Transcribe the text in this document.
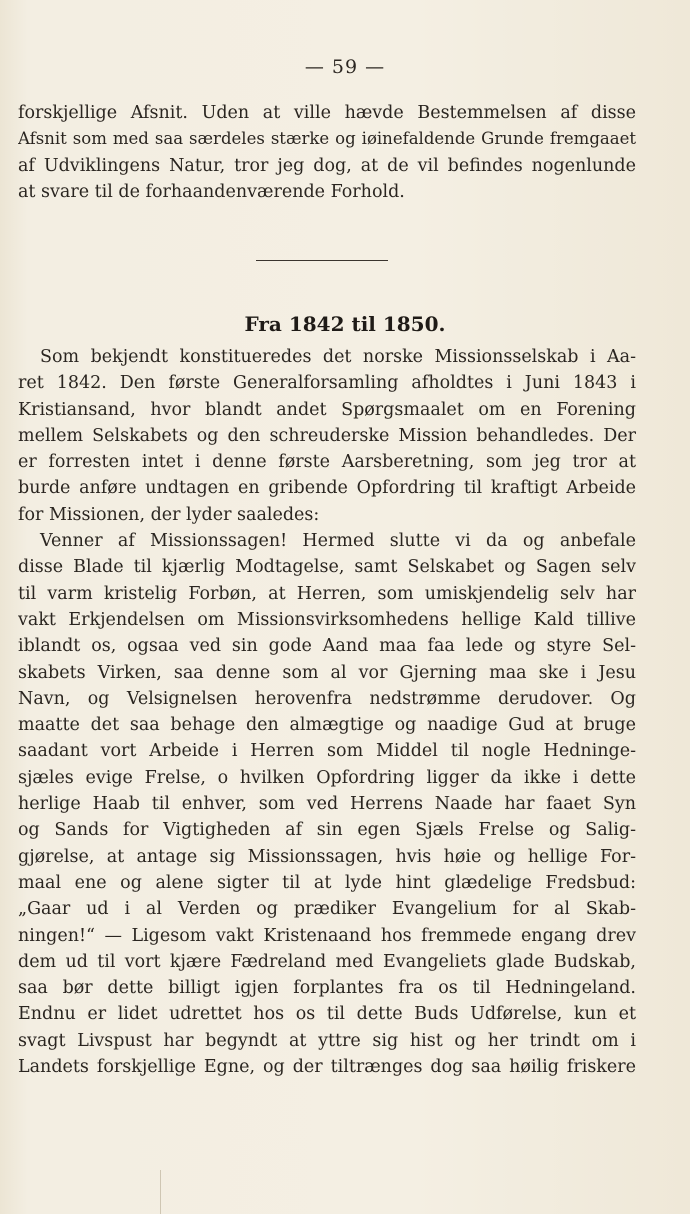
— 59 —
forskjellige Afsnit. Uden at ville hævde Bestemmelsen af disse
Afsnit som med saa særdeles stærke og iøinefaldende Grunde fremgaaet
af Udviklingens Natur, tror jeg dog, at de vil befindes nogenlunde
at svare til de forhaandenværende Forhold.
Fra 1842 til 1850.
Som bekjendt konstitueredes det norske Missionsselskab i Aa-
ret 1842. Den første Generalforsamling afholdtes i Juni 1843 i
Kristiansand, hvor blandt andet Spørgsmaalet om en Forening
mellem Selskabets og den schreuderske Mission behandledes. Der
er forresten intet i denne første Aarsberetning, som jeg tror at
burde anføre undtagen en gribende Opfordring til kraftigt Arbeide
for Missionen, der lyder saaledes:
Venner af Missionssagen! Hermed slutte vi da og anbefale
disse Blade til kjærlig Modtagelse, samt Selskabet og Sagen selv
til varm kristelig Forbøn, at Herren, som umiskjendelig selv har
vakt Erkjendelsen om Missionsvirksomhedens hellige Kald tillive
iblandt os, ogsaa ved sin gode Aand maa faa lede og styre Sel-
skabets Virken, saa denne som al vor Gjerning maa ske i Jesu
Navn, og Velsignelsen herovenfra nedstrømme derudover. Og
maatte det saa behage den almægtige og naadige Gud at bruge
saadant vort Arbeide i Herren som Middel til nogle Hedninge-
sjæles evige Frelse, o hvilken Opfordring ligger da ikke i dette
herlige Haab til enhver, som ved Herrens Naade har faaet Syn
og Sands for Vigtigheden af sin egen Sjæls Frelse og Salig-
gjørelse, at antage sig Missionssagen, hvis høie og hellige For-
maal ene og alene sigter til at lyde hint glædelige Fredsbud:
„Gaar ud i al Verden og prædiker Evangelium for al Skab-
ningen!“ — Ligesom vakt Kristenaand hos fremmede engang drev
dem ud til vort kjære Fædreland med Evangeliets glade Budskab,
saa bør dette billigt igjen forplantes fra os til Hedningeland.
Endnu er lidet udrettet hos os til dette Buds Udførelse, kun et
svagt Livspust har begyndt at yttre sig hist og her trindt om i
Landets forskjellige Egne, og der tiltrænges dog saa høilig friskere
